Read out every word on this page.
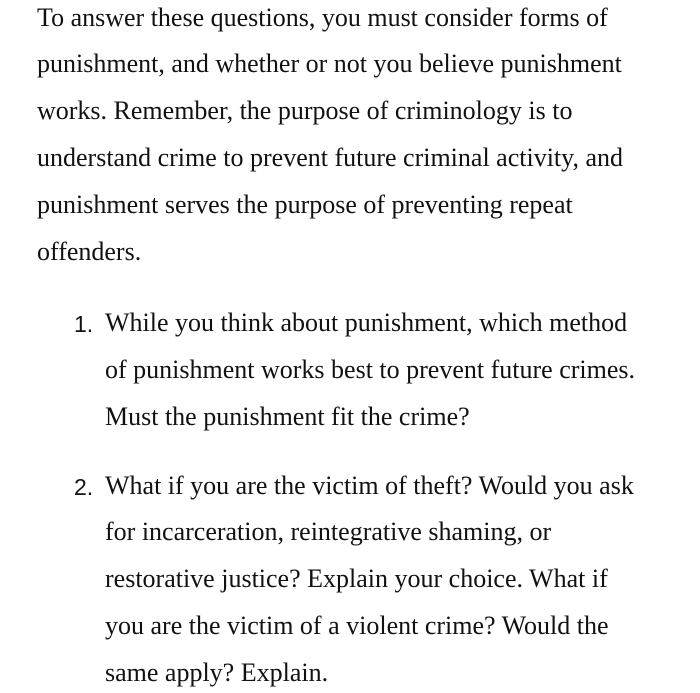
To answer these questions, you must consider forms of
punishment, and whether or not you believe punishment
works. Remember, the purpose of criminology is to
understand crime to prevent future criminal activity, and
punishment serves the purpose of preventing repeat
offenders.
1. While you think about punishment, which method
of punishment works best to prevent future crimes.
Must the punishment fit the crime?
2. What if you are the victim of theft? Would you ask
for incarceration, reintegrative shaming, or
restorative justice? Explain your choice. What if
you are the victim of a violent crime? Would the
same apply? Explain.
